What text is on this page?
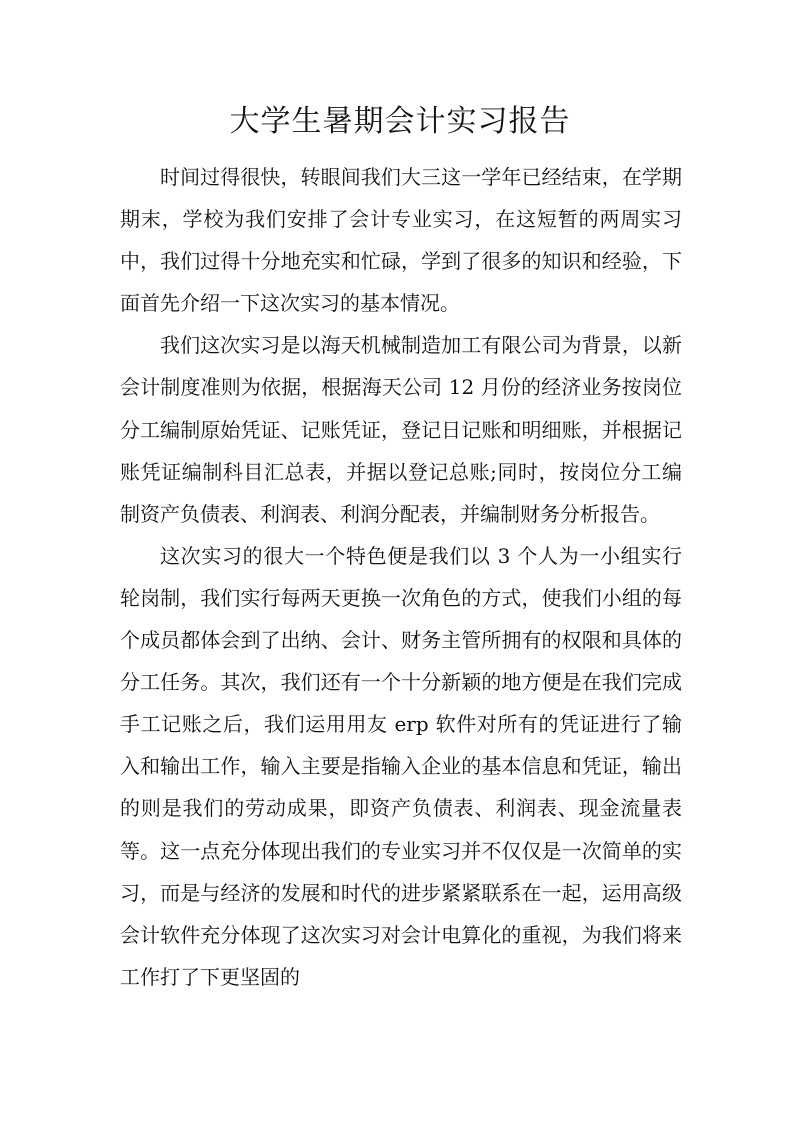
大学生暑期会计实习报告

时间过得很快，转眼间我们大三这一学年已经结束，在学期期末，学校为我们安排了会计专业实习，在这短暂的两周实习中，我们过得十分地充实和忙碌，学到了很多的知识和经验，下面首先介绍一下这次实习的基本情况。

我们这次实习是以海天机械制造加工有限公司为背景，以新会计制度准则为依据，根据海天公司 12 月份的经济业务按岗位分工编制原始凭证、记账凭证，登记日记账和明细账，并根据记账凭证编制科目汇总表，并据以登记总账;同时，按岗位分工编制资产负债表、利润表、利润分配表，并编制财务分析报告。

这次实习的很大一个特色便是我们以 3 个人为一小组实行轮岗制，我们实行每两天更换一次角色的方式，使我们小组的每个成员都体会到了出纳、会计、财务主管所拥有的权限和具体的分工任务。其次，我们还有一个十分新颖的地方便是在我们完成手工记账之后，我们运用用友 erp 软件对所有的凭证进行了输入和输出工作，输入主要是指输入企业的基本信息和凭证，输出的则是我们的劳动成果，即资产负债表、利润表、现金流量表等。这一点充分体现出我们的专业实习并不仅仅是一次简单的实习，而是与经济的发展和时代的进步紧紧联系在一起，运用高级会计软件充分体现了这次实习对会计电算化的重视，为我们将来工作打了下更坚固的
